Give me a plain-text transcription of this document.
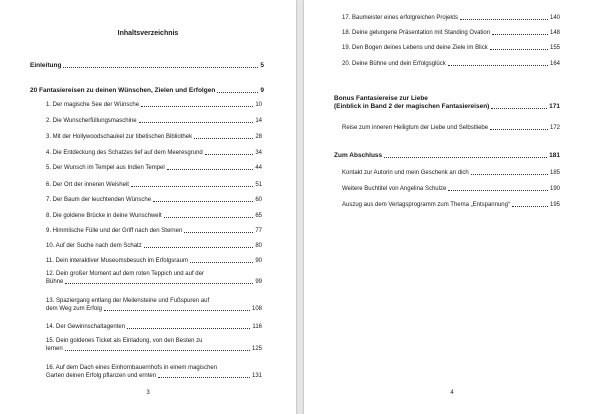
Inhaltsverzeichnis
Einleitung	5
20 Fantasiereisen zu deinen Wünschen, Zielen und Erfolgen	9
1. Der magische See der Wünsche	10
2. Die Wunscherfüllungsmaschine	14
3. Mit der Hollywoodschaukel zur tibetischen Bibliothek	28
4. Die Entdeckung des Schatzes tief auf dem Meeresgrund	34
5. Der Wunsch im Tempel aus Indien Tempel	44
6. Der Ort der inneren Weisheit	51
7. Der Baum der leuchtenden Wünsche	60
8. Die goldene Brücke in deine Wunschwelt	65
9. Himmlische Fülle und der Griff nach den Sternen	77
10. Auf der Suche nach dem Schatz	80
11. Dein interaktiver Museumsbesuch im Erfolgsraum	90
12. Dein großer Moment auf dem roten Teppich und auf der
Bühne	99
13. Spaziergang entlang der Meilensteine und Fußspuren auf
dem Weg zum Erfolg	108
14. Der Gewinnschaltagenten	116
15. Dein goldenes Ticket als Einladung, von den Besten zu
lernen	125
16. Auf dem Dach eines Einhornbauernhofs in einem magischen
Garten deinen Erfolg pflanzen und ernten	131
3
17. Baumeister eines erfolgreichen Projekts	140
18. Deine gelungene Präsentation mit Standing Ovation	148
19. Den Bogen deines Lebens und deine Ziele im Blick	155
20. Deine Bühne und dein Erfolgsglück	164
Bonus Fantasiereise zur Liebe
(Einblick in Band 2 der magischen Fantasiereisen)	171
Reise zum inneren Heiligtum der Liebe und Selbstliebe	172
Zum Abschluss	181
Kontakt zur Autorin und mein Geschenk an dich	185
Weitere Buchtitel von Angelina Schulze	190
Auszug aus dem Verlagsprogramm zum Thema „Entspannung“	195
4
